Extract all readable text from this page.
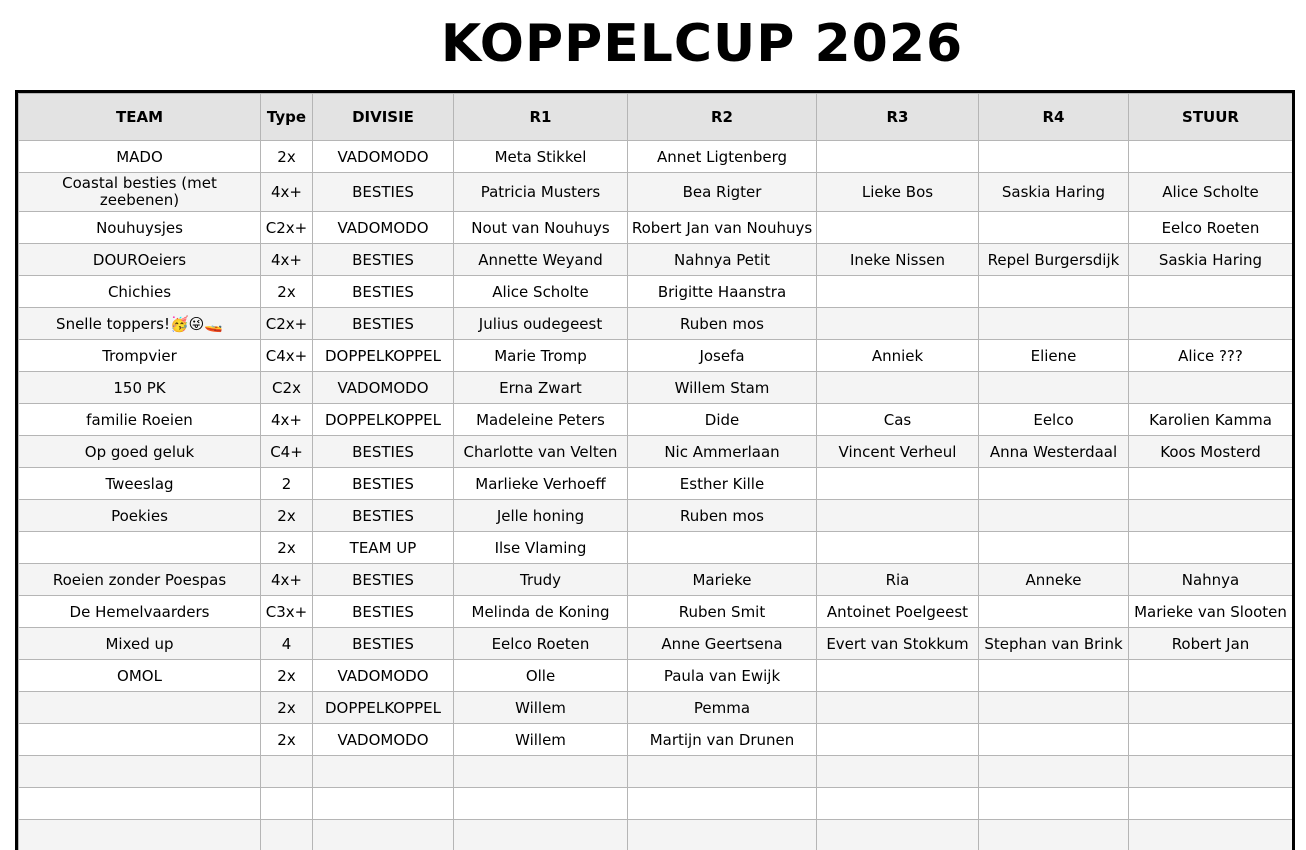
KOPPELCUP 2026
TEAM	Type	DIVISIE	R1	R2	R3	R4	STUUR
MADO	2x	VADOMODO	Meta Stikkel	Annet Ligtenberg			
Coastal besties (met zeebenen)	4x+	BESTIES	Patricia Musters	Bea Rigter	Lieke Bos	Saskia Haring	Alice Scholte
Nouhuysjes	C2x+	VADOMODO	Nout van Nouhuys	Robert Jan van Nouhuys			Eelco Roeten
DOUROeiers	4x+	BESTIES	Annette Weyand	Nahnya Petit	Ineke Nissen	Repel Burgersdijk	Saskia Haring
Chichies	2x	BESTIES	Alice Scholte	Brigitte Haanstra			
Snelle toppers!🥳😜🚤	C2x+	BESTIES	Julius oudegeest	Ruben mos			
Trompvier	C4x+	DOPPELKOPPEL	Marie Tromp	Josefa	Anniek	Eliene	Alice ???
150 PK	C2x	VADOMODO	Erna Zwart	Willem Stam			
familie Roeien	4x+	DOPPELKOPPEL	Madeleine Peters	Dide	Cas	Eelco	Karolien Kamma
Op goed geluk	C4+	BESTIES	Charlotte van Velten	Nic Ammerlaan	Vincent Verheul	Anna Westerdaal	Koos Mosterd
Tweeslag	2	BESTIES	Marlieke Verhoeff	Esther Kille			
Poekies	2x	BESTIES	Jelle honing	Ruben mos			
	2x	TEAM UP	Ilse Vlaming				
Roeien zonder Poespas	4x+	BESTIES	Trudy	Marieke	Ria	Anneke	Nahnya
De Hemelvaarders	C3x+	BESTIES	Melinda de Koning	Ruben Smit	Antoinet Poelgeest		Marieke van Slooten
Mixed up	4	BESTIES	Eelco Roeten	Anne Geertsena	Evert van Stokkum	Stephan van Brink	Robert Jan
OMOL	2x	VADOMODO	Olle	Paula van Ewijk			
	2x	DOPPELKOPPEL	Willem	Pemma			
	2x	VADOMODO	Willem	Martijn van Drunen			
